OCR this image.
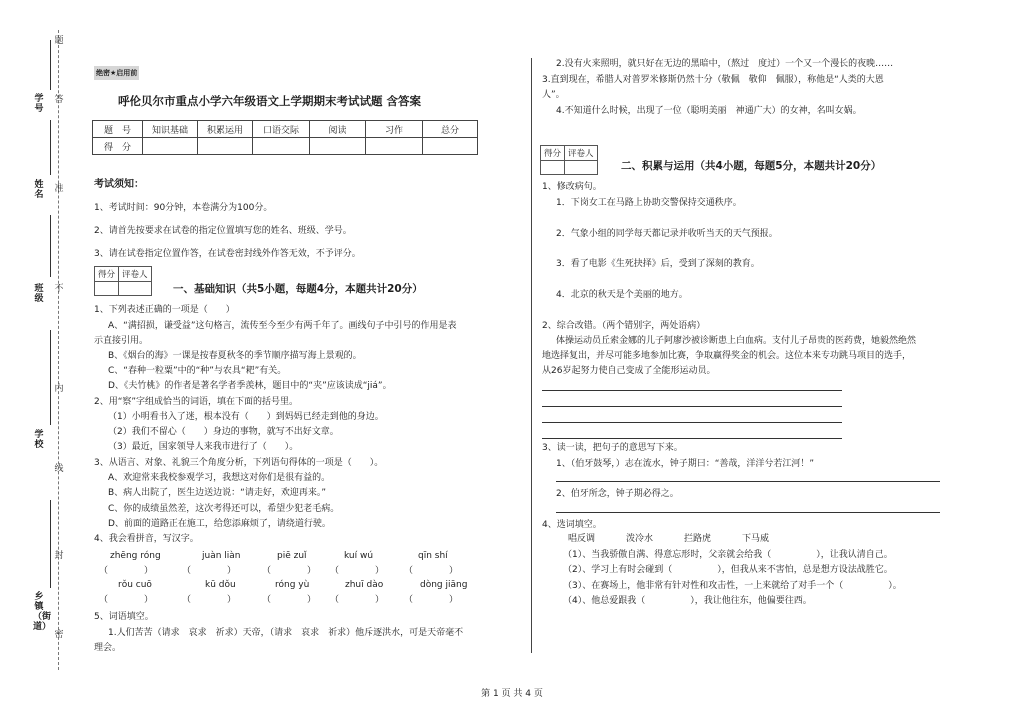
学号
姓名
班级
学校
乡镇（街道）
题
答
准
不
内
线
封
密
绝密★启用前
呼伦贝尔市重点小学六年级语文上学期期末考试试题 含答案
题　号	知识基础	积累运用	口语交际	阅读	习作	总分
得　分						
考试须知：
1、考试时间：90分钟，本卷满分为100分。
2、请首先按要求在试卷的指定位置填写您的姓名、班级、学号。
3、请在试卷指定位置作答，在试卷密封线外作答无效，不予评分。
得分	评卷人

一、基础知识（共5小题，每题4分，本题共计20分）
1、下列表述正确的一项是（　　）
A、“满招损，谦受益”这句格言，流传至今至少有两千年了。画线句子中引号的作用是表
示直接引用。
B、《烟台的海》一课是按春夏秋冬的季节顺序描写海上景观的。
C、“春种一粒粟”中的“种”与农具“耙”有关。
D、《夫竹桃》的作者是著名学者季羡林，题目中的“夹”应该读成“jiá”。
2、用“察”字组成恰当的词语，填在下面的括号里。
（1）小明看书入了迷，根本没有（　　）到妈妈已经走到他的身边。
（2）我们不留心（　　）身边的事物，就写不出好文章。
（3）最近，国家领导人来我市进行了（　　）。
3、从语言、对象、礼貌三个角度分析，下列语句得体的一项是（　　）。
A、欢迎常来我校参观学习，我想这对你们是很有益的。
B、病人出院了，医生边送边说：“请走好，欢迎再来。”
C、你的成绩虽然差，这次考得还可以，希望少犯老毛病。
D、前面的道路正在施工，给您添麻烦了，请绕道行驶。
4、我会看拼音，写汉字。
zhēng róng	juàn liàn	piē zuǐ	kuí wú	qīn shí
（　　　　）	（　　　　）	（　　　　） （　　　　） （　　　　）
rǒu cuō	kū dǒu	róng yù	zhuī dào	dòng jiāng
（　　　　）	（　　　　）	（　　　　） （　　　　） （　　　　）
5、词语填空。
1.人们苦苦（请求　哀求　祈求）天帝，（请求　哀求　祈求）他斥逐洪水，可是天帝毫不
理会。
2.没有火来照明，就只好在无边的黑暗中，（熬过　度过）一个又一个漫长的夜晚……
3.直到现在，希腊人对普罗米修斯仍然十分（敬佩　敬仰　佩服），称他是“人类的大恩
人”。
4.不知道什么时候，出现了一位（聪明美丽　神通广大）的女神，名叫女娲。
得分	评卷人

二、积累与运用（共4小题，每题5分，本题共计20分）
1、修改病句。
1．下岗女工在马路上协助交警保持交通秩序。
2．气象小组的同学每天都记录并收听当天的天气预报。
3．看了电影《生死抉择》后，受到了深刻的教育。
4．北京的秋天是个美丽的地方。
2、综合改错。（两个错别字，两处语病）
体操运动员丘索金娜的儿子阿廖沙被诊断患上白血病。支付儿子昂贵的医药费，她毅然绝然
地选择复出，并尽可能多地参加比赛，争取赢得奖金的机会。这位本来专功跳马项目的选手，
从26岁起努力使自己变成了全能形运动员。
3、读一读，把句子的意思写下来。
1、（伯牙鼓琴，）志在流水，钟子期曰：“善哉，洋洋兮若江河！”
2、伯牙所念，钟子期必得之。
4、选词填空。
唱反调	泼冷水	拦路虎	下马威
（1）、当我骄傲自满、得意忘形时，父亲就会给我（　　　　　），让我认清自己。
（2）、学习上有时会碰到（　　　　　），但我从来不害怕，总是想方设法战胜它。
（3）、在赛场上，他非常有针对性和攻击性，一上来就给了对手一个（　　　　　）。
（4）、他总爱跟我（　　　　　），我让他往东，他偏要往西。
第 1 页 共 4 页
